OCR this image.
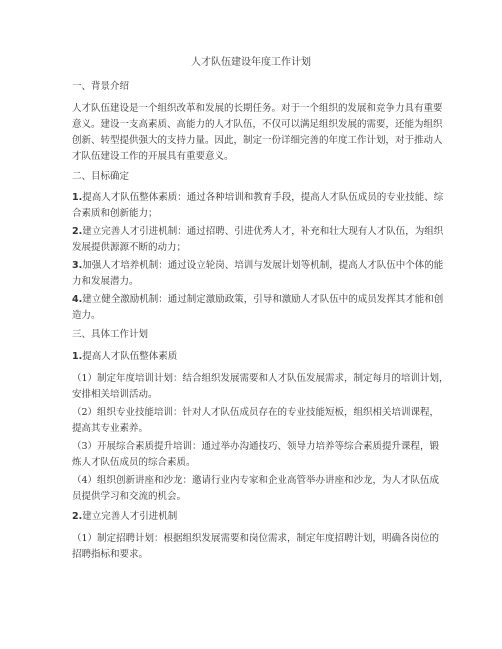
人才队伍建设年度工作计划
一、背景介绍
人才队伍建设是一个组织改革和发展的长期任务。对于一个组织的发展和竞争力具有重要
意义。建设一支高素质、高能力的人才队伍，不仅可以满足组织发展的需要，还能为组织
创新、转型提供强大的支持力量。因此，制定一份详细完善的年度工作计划，对于推动人
才队伍建设工作的开展具有重要意义。
二、目标确定
1.提高人才队伍整体素质：通过各种培训和教育手段，提高人才队伍成员的专业技能、综
合素质和创新能力；
2.建立完善人才引进机制：通过招聘、引进优秀人才，补充和壮大现有人才队伍，为组织
发展提供源源不断的动力；
3.加强人才培养机制：通过设立轮岗、培训与发展计划等机制，提高人才队伍中个体的能
力和发展潜力。
4.建立健全激励机制：通过制定激励政策，引导和激励人才队伍中的成员发挥其才能和创
造力。
三、具体工作计划
1.提高人才队伍整体素质
（1）制定年度培训计划：结合组织发展需要和人才队伍发展需求，制定每月的培训计划，
安排相关培训活动。
（2）组织专业技能培训：针对人才队伍成员存在的专业技能短板，组织相关培训课程，
提高其专业素养。
（3）开展综合素质提升培训：通过举办沟通技巧、领导力培养等综合素质提升课程，锻
炼人才队伍成员的综合素质。
（4）组织创新讲座和沙龙：邀请行业内专家和企业高管举办讲座和沙龙，为人才队伍成
员提供学习和交流的机会。
2.建立完善人才引进机制
（1）制定招聘计划：根据组织发展需要和岗位需求，制定年度招聘计划，明确各岗位的
招聘指标和要求。
